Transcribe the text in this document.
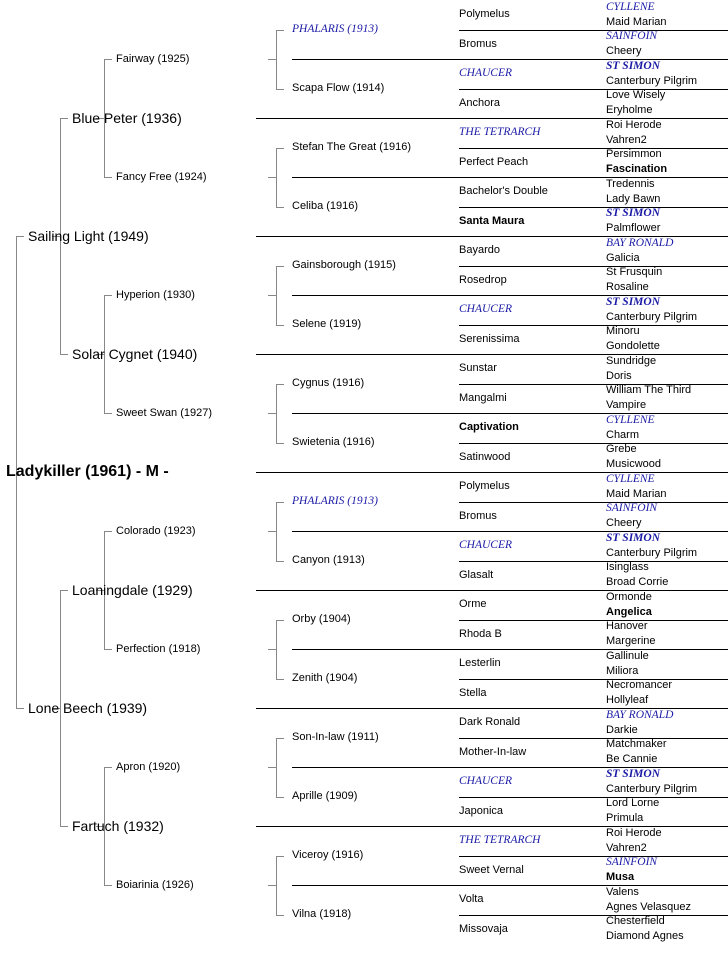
Ladykiller (1961) - M -
Sailing Light (1949)
Lone Beech (1939)
Blue Peter (1936)
Solar Cygnet (1940)
Loaningdale (1929)
Fartuch (1932)
Fairway (1925)
Fancy Free (1924)
Hyperion (1930)
Sweet Swan (1927)
Colorado (1923)
Perfection (1918)
Apron (1920)
Boiarinia (1926)
PHALARIS (1913)
Scapa Flow (1914)
Stefan The Great (1916)
Celiba (1916)
Gainsborough (1915)
Selene (1919)
Cygnus (1916)
Swietenia (1916)
PHALARIS (1913)
Canyon (1913)
Orby (1904)
Zenith (1904)
Son-In-law (1911)
Aprille (1909)
Viceroy (1916)
Vilna (1918)
Polymelus
Bromus
CHAUCER
Anchora
THE TETRARCH
Perfect Peach
Bachelor's Double
Santa Maura
Bayardo
Rosedrop
CHAUCER
Serenissima
Sunstar
Mangalmi
Captivation
Satinwood
Polymelus
Bromus
CHAUCER
Glasalt
Orme
Rhoda B
Lesterlin
Stella
Dark Ronald
Mother-In-law
CHAUCER
Japonica
THE TETRARCH
Sweet Vernal
Volta
Missovaja
CYLLENE
Maid Marian
SAINFOIN
Cheery
ST SIMON
Canterbury Pilgrim
Love Wisely
Eryholme
Roi Herode
Vahren2
Persimmon
Fascination
Tredennis
Lady Bawn
ST SIMON
Palmflower
BAY RONALD
Galicia
St Frusquin
Rosaline
ST SIMON
Canterbury Pilgrim
Minoru
Gondolette
Sundridge
Doris
William The Third
Vampire
CYLLENE
Charm
Grebe
Musicwood
CYLLENE
Maid Marian
SAINFOIN
Cheery
ST SIMON
Canterbury Pilgrim
Isinglass
Broad Corrie
Ormonde
Angelica
Hanover
Margerine
Gallinule
Miliora
Necromancer
Hollyleaf
BAY RONALD
Darkie
Matchmaker
Be Cannie
ST SIMON
Canterbury Pilgrim
Lord Lorne
Primula
Roi Herode
Vahren2
SAINFOIN
Musa
Valens
Agnes Velasquez
Chesterfield
Diamond Agnes
